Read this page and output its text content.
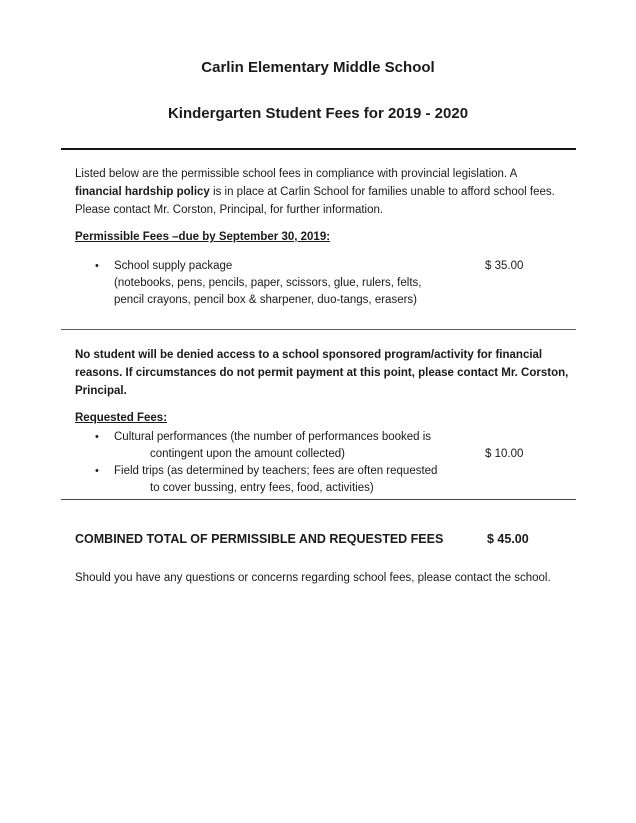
Carlin Elementary Middle School
Kindergarten Student Fees for 2019 - 2020
Listed below are the permissible school fees in compliance with provincial legislation. A
financial hardship policy is in place at Carlin School for families unable to afford school fees.
Please contact Mr. Corston, Principal, for further information.
Permissible Fees –due by September 30, 2019:
•	School supply package	$ 35.00
(notebooks, pens, pencils, paper, scissors, glue, rulers, felts,
pencil crayons, pencil box & sharpener, duo-tangs, erasers)
No student will be denied access to a school sponsored program/activity for financial
reasons. If circumstances do not permit payment at this point, please contact Mr. Corston,
Principal.
Requested Fees:
•	Cultural performances (the number of performances booked is
contingent upon the amount collected)	$ 10.00
•	Field trips (as determined by teachers; fees are often requested
to cover bussing, entry fees, food, activities)
COMBINED TOTAL OF PERMISSIBLE AND REQUESTED FEES	$ 45.00
Should you have any questions or concerns regarding school fees, please contact the school.
